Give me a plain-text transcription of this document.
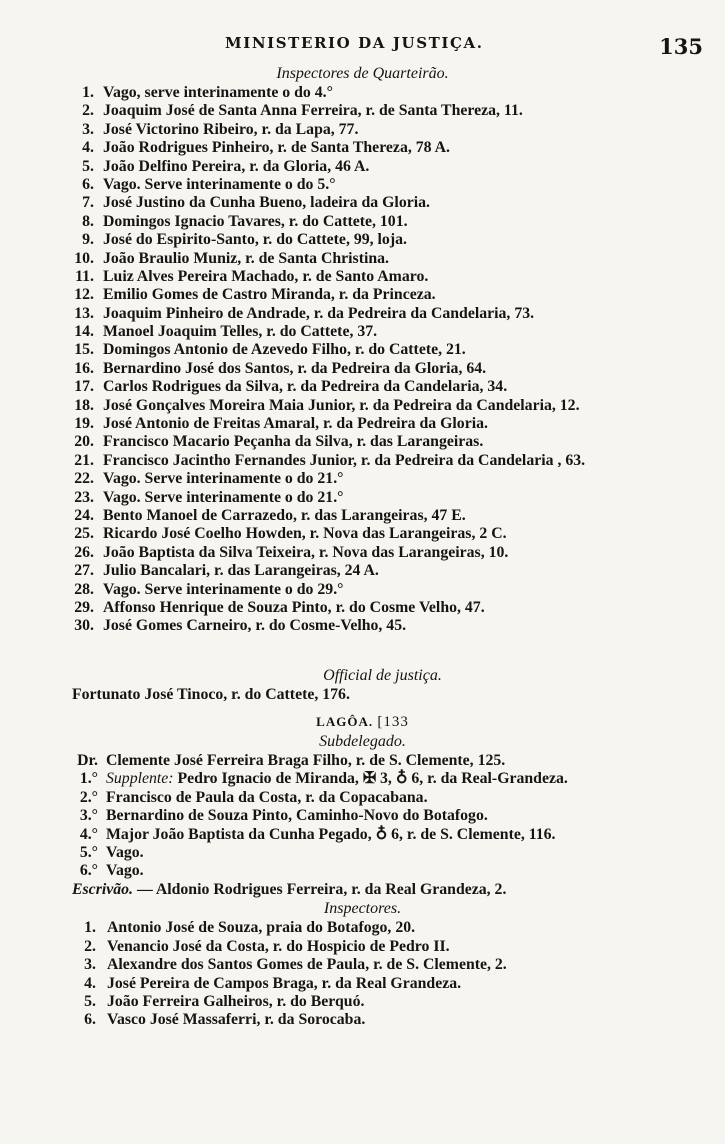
MINISTERIO DA JUSTIÇA.	135
Inspectores de Quarteirão.
1. Vago, serve interinamente o do 4.°
2. Joaquim José de Santa Anna Ferreira, r. de Santa Thereza, 11.
3. José Victorino Ribeiro, r. da Lapa, 77.
4. João Rodrigues Pinheiro, r. de Santa Thereza, 78 A.
5. João Delfino Pereira, r. da Gloria, 46 A.
6. Vago. Serve interinamente o do 5.°
7. José Justino da Cunha Bueno, ladeira da Gloria.
8. Domingos Ignacio Tavares, r. do Cattete, 101.
9. José do Espirito-Santo, r. do Cattete, 99, loja.
10. João Braulio Muniz, r. de Santa Christina.
11. Luiz Alves Pereira Machado, r. de Santo Amaro.
12. Emilio Gomes de Castro Miranda, r. da Princeza.
13. Joaquim Pinheiro de Andrade, r. da Pedreira da Candelaria, 73.
14. Manoel Joaquim Telles, r. do Cattete, 37.
15. Domingos Antonio de Azevedo Filho, r. do Cattete, 21.
16. Bernardino José dos Santos, r. da Pedreira da Gloria, 64.
17. Carlos Rodrigues da Silva, r. da Pedreira da Candelaria, 34.
18. José Gonçalves Moreira Maia Junior, r. da Pedreira da Candelaria, 12.
19. José Antonio de Freitas Amaral, r. da Pedreira da Gloria.
20. Francisco Macario Peçanha da Silva, r. das Larangeiras.
21. Francisco Jacintho Fernandes Junior, r. da Pedreira da Candelaria , 63.
22. Vago. Serve interinamente o do 21.°
23. Vago. Serve interinamente o do 21.°
24. Bento Manoel de Carrazedo, r. das Larangeiras, 47 E.
25. Ricardo José Coelho Howden, r. Nova das Larangeiras, 2 C.
26. João Baptista da Silva Teixeira, r. Nova das Larangeiras, 10.
27. Julio Bancalari, r. das Larangeiras, 24 A.
28. Vago. Serve interinamente o do 29.°
29. Affonso Henrique de Souza Pinto, r. do Cosme Velho, 47.
30. José Gomes Carneiro, r. do Cosme-Velho, 45.
Official de justiça.
Fortunato José Tinoco, r. do Cattete, 176.
LAGÔA. [133
Subdelegado.
Dr. Clemente José Ferreira Braga Filho, r. de S. Clemente, 125.
1.° Supplente: Pedro Ignacio de Miranda, ✠ 3, ♁ 6, r. da Real-Grandeza.
2.° Francisco de Paula da Costa, r. da Copacabana.
3.° Bernardino de Souza Pinto, Caminho-Novo do Botafogo.
4.° Major João Baptista da Cunha Pegado, ♁ 6, r. de S. Clemente, 116.
5.° Vago.
6.° Vago.
Escrivão. — Aldonio Rodrigues Ferreira, r. da Real Grandeza, 2.
Inspectores.
1. Antonio José de Souza, praia do Botafogo, 20.
2. Venancio José da Costa, r. do Hospicio de Pedro II.
3. Alexandre dos Santos Gomes de Paula, r. de S. Clemente, 2.
4. José Pereira de Campos Braga, r. da Real Grandeza.
5. João Ferreira Galheiros, r. do Berquó.
6. Vasco José Massaferri, r. da Sorocaba.
